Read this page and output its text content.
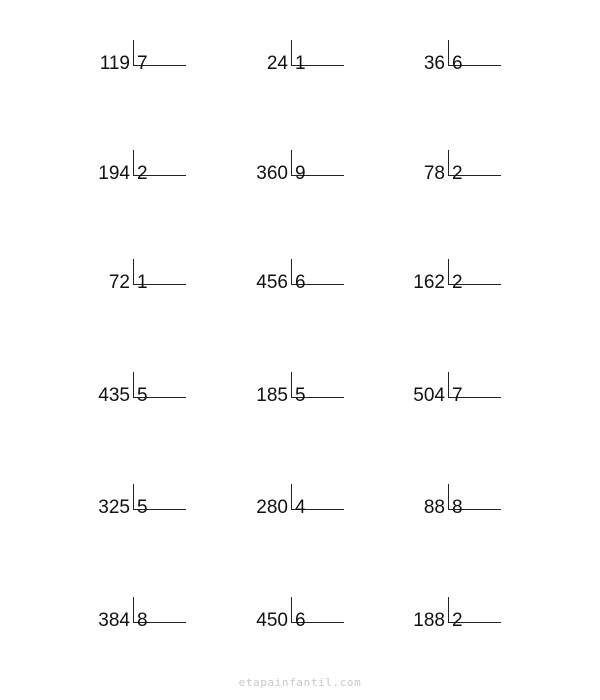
119 7	24 1	36 6
194 2	360 9	78 2
72 1	456 6	162 2
435 5	185 5	504 7
325 5	280 4	88 8
384 8	450 6	188 2
etapainfantil.com
